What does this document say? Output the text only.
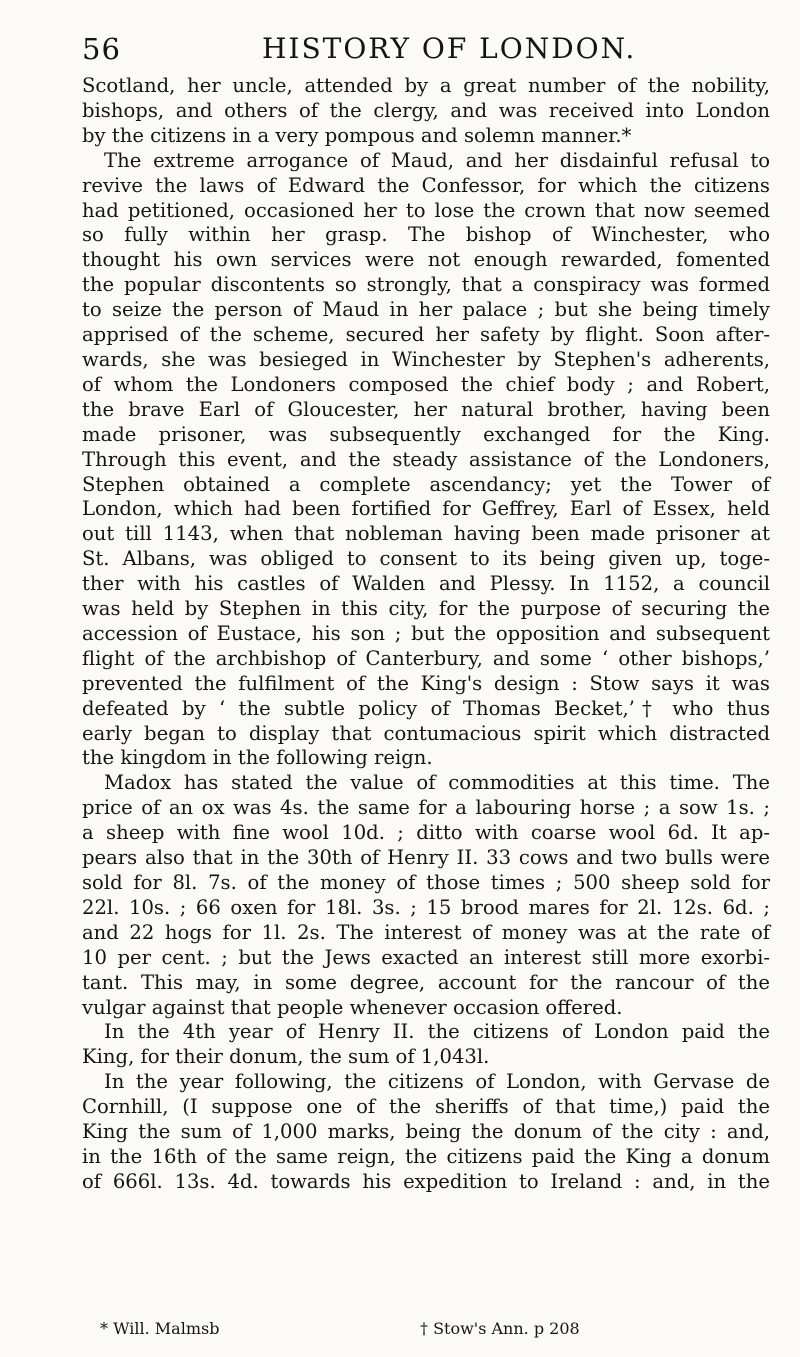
56	HISTORY OF LONDON.
Scotland, her uncle, attended by a great number of the nobility,
bishops, and others of the clergy, and was received into London
by the citizens in a very pompous and solemn manner.*
The extreme arrogance of Maud, and her disdainful refusal to
revive the laws of Edward the Confessor, for which the citizens
had petitioned, occasioned her to lose the crown that now seemed
so fully within her grasp. The bishop of Winchester, who
thought his own services were not enough rewarded, fomented
the popular discontents so strongly, that a conspiracy was formed
to seize the person of Maud in her palace ; but she being timely
apprised of the scheme, secured her safety by flight. Soon after-
wards, she was besieged in Winchester by Stephen's adherents,
of whom the Londoners composed the chief body ; and Robert,
the brave Earl of Gloucester, her natural brother, having been
made prisoner, was subsequently exchanged for the King.
Through this event, and the steady assistance of the Londoners,
Stephen obtained a complete ascendancy; yet the Tower of
London, which had been fortified for Geffrey, Earl of Essex, held
out till 1143, when that nobleman having been made prisoner at
St. Albans, was obliged to consent to its being given up, toge-
ther with his castles of Walden and Plessy. In 1152, a council
was held by Stephen in this city, for the purpose of securing the
accession of Eustace, his son ; but the opposition and subsequent
flight of the archbishop of Canterbury, and some ‘ other bishops,’
prevented the fulfilment of the King's design : Stow says it was
defeated by ‘ the subtle policy of Thomas Becket,’† who thus
early began to display that contumacious spirit which distracted
the kingdom in the following reign.
Madox has stated the value of commodities at this time. The
price of an ox was 4s. the same for a labouring horse ; a sow 1s. ;
a sheep with fine wool 10d. ; ditto with coarse wool 6d. It ap-
pears also that in the 30th of Henry II. 33 cows and two bulls were
sold for 8l. 7s. of the money of those times ; 500 sheep sold for
22l. 10s. ; 66 oxen for 18l. 3s. ; 15 brood mares for 2l. 12s. 6d. ;
and 22 hogs for 1l. 2s. The interest of money was at the rate of
10 per cent. ; but the Jews exacted an interest still more exorbi-
tant. This may, in some degree, account for the rancour of the
vulgar against that people whenever occasion offered.
In the 4th year of Henry II. the citizens of London paid the
King, for their donum, the sum of 1,043l.
In the year following, the citizens of London, with Gervase de
Cornhill, (I suppose one of the sheriffs of that time,) paid the
King the sum of 1,000 marks, being the donum of the city : and,
in the 16th of the same reign, the citizens paid the King a donum
of 666l. 13s. 4d. towards his expedition to Ireland : and, in the
* Will. Malmsb	† Stow's Ann. p 208
